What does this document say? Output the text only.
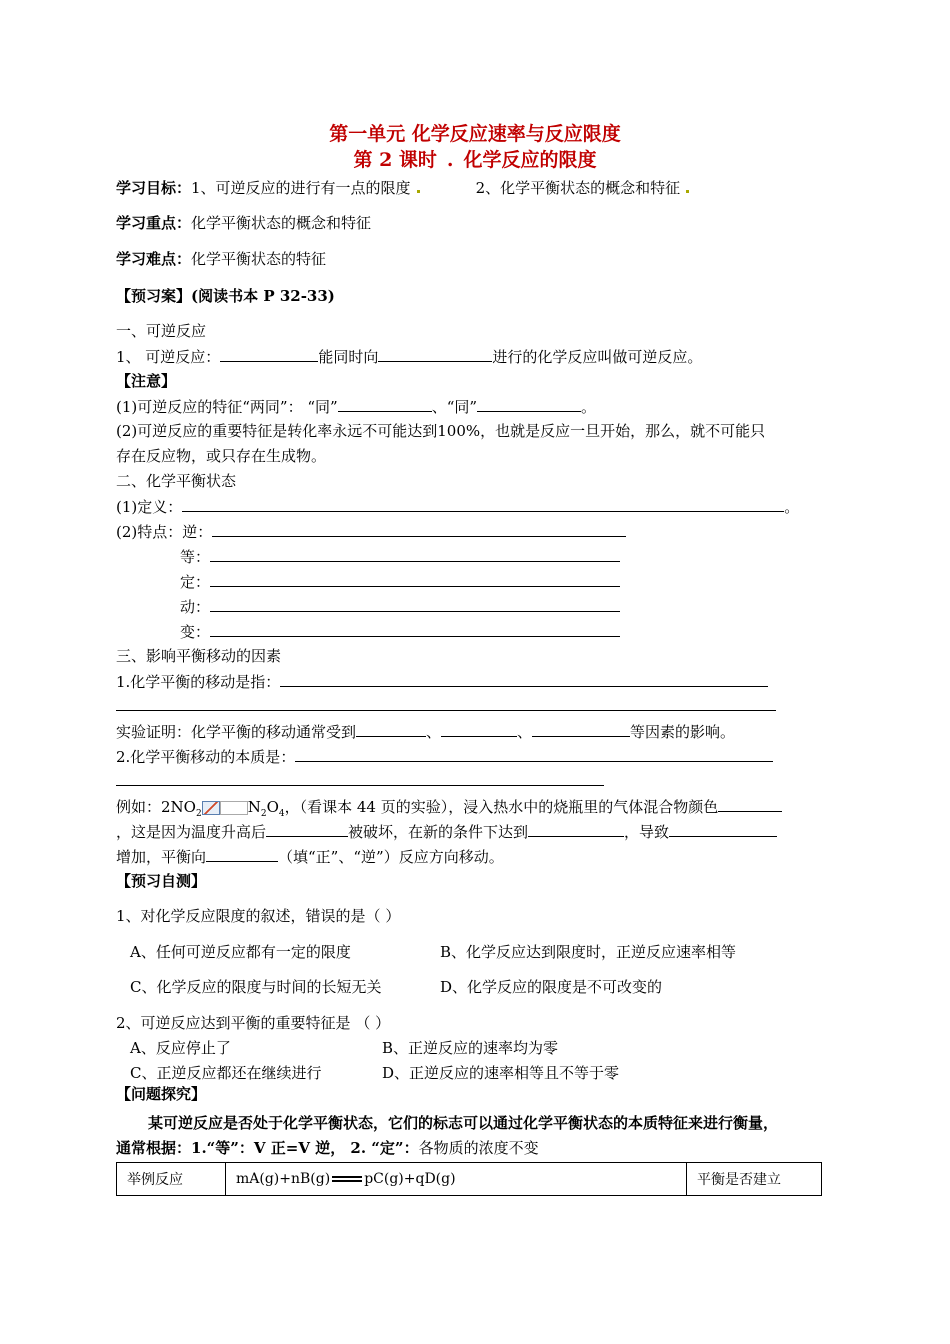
第一单元 化学反应速率与反应限度
第 2 课时 . 化学反应的限度
学习目标：1、可逆反应的进行有一点的限度	2、化学平衡状态的概念和特征
学习重点：化学平衡状态的概念和特征
学习难点：化学平衡状态的特征
【预习案】(阅读书本 P 32-33)
一、可逆反应
1、 可逆反应：	能同时向	进行的化学反应叫做可逆反应。
【注意】
(1)可逆反应的特征“两同”： “同”	、“同”	。
(2)可逆反应的重要特征是转化率永远不可能达到100%，也就是反应一旦开始，那么，就不可能只
存在反应物，或只存在生成物。
二、化学平衡状态
(1)定义：	。
(2)特点：逆：
等：
定：
动：
变：
三、影响平衡移动的因素
1.化学平衡的移动是指：
实验证明：化学平衡的移动通常受到	、	、	等因素的影响。
2.化学平衡移动的本质是：
例如：$2NO_2$	$N_2O_4$，（看课本 44 页的实验），浸入热水中的烧瓶里的气体混合物颜色
，这是因为温度升高后	被破坏，在新的条件下达到	，导致
增加，平衡向	（填“正”、“逆”）反应方向移动。
【预习自测】
1、对化学反应限度的叙述，错误的是（ ）
A、任何可逆反应都有一定的限度	B、化学反应达到限度时，正逆反应速率相等
C、化学反应的限度与时间的长短无关	D、化学反应的限度是不可改变的
2、可逆反应达到平衡的重要特征是 （ ）
A、反应停止了	B、正逆反应的速率均为零
C、正逆反应都还在继续进行	D、正逆反应的速率相等且不等于零
【问题探究】
某可逆反应是否处于化学平衡状态，它们的标志可以通过化学平衡状态的本质特征来进行衡量，
通常根据：1.“等”：V 正=V 逆， 2. “定”：各物质的浓度不变
举例反应	mA(g)+nB(g) pC(g)+qD(g)	平衡是否建立
